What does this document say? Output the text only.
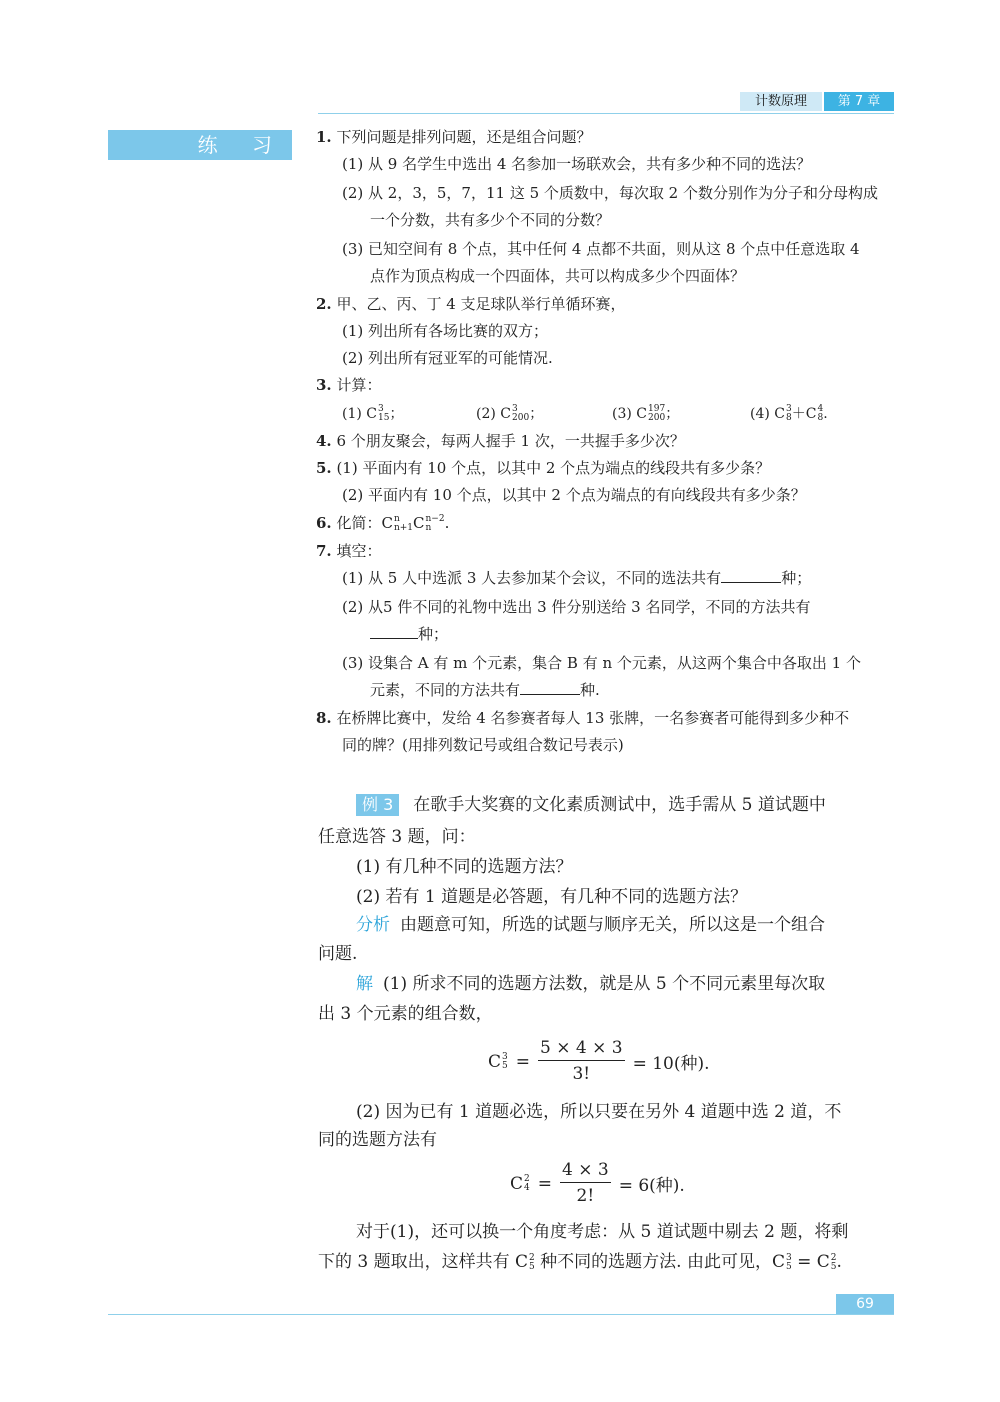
计数原理	第 7 章
练 习	1. 下列问题是排列问题，还是组合问题？
(1) 从 9 名学生中选出 4 名参加一场联欢会，共有多少种不同的选法？
(2) 从 2，3，5，7，11 这 5 个质数中，每次取 2 个数分别作为分子和分母构成
一个分数，共有多少个不同的分数？
(3) 已知空间有 8 个点，其中任何 4 点都不共面，则从这 8 个点中任意选取 4
点作为顶点构成一个四面体，共可以构成多少个四面体？
2. 甲、乙、丙、丁 4 支足球队举行单循环赛，
(1) 列出所有各场比赛的双方；
(2) 列出所有冠亚军的可能情况.
3. 计算：
(1) C 3
15 ；	(2) C 3
200 ；	(3) C 197
200 ；	(4) C 3
8 ＋C 4
8 .
4. 6 个朋友聚会，每两人握手 1 次，一共握手多少次？
5. (1) 平面内有 10 个点，以其中 2 个点为端点的线段共有多少条？
(2) 平面内有 10 个点，以其中 2 个点为端点的有向线段共有多少条？
6. 化简：C n
n+1 C n−2
n .
7. 填空：
(1) 从 5 人中选派 3 人去参加某个会议，不同的选法共有	种；
(2) 从5 件不同的礼物中选出 3 件分别送给 3 名同学，不同的方法共有
种；
(3) 设集合 A 有 m 个元素，集合 B 有 n 个元素，从这两个集合中各取出 1 个
元素，不同的方法共有	种.
8. 在桥牌比赛中，发给 4 名参赛者每人 13 张牌，一名参赛者可能得到多少种不
同的牌？(用排列数记号或组合数记号表示)
例 3 在歌手大奖赛的文化素质测试中，选手需从 5 道试题中
任意选答 3 题，问：
(1) 有几种不同的选题方法？
(2) 若有 1 道题是必答题，有几种不同的选题方法？
分析 由题意可知，所选的试题与顺序无关，所以这是一个组合
问题.
解 (1) 所求不同的选题方法数，就是从 5 个不同元素里每次取
出 3 个元素的组合数，
C 3
$5 = \frac{5 \times 4 \times 3}{3!} = 10$(种).
(2) 因为已有 1 道题必选，所以只要在另外 4 道题中选 2 道，不
同的选题方法有
C 2
$4 = \frac{4 \times 3}{2!} = 6$(种).
对于(1)，还可以换一个角度考虑：从 5 道试题中剔去 2 题，将剩
下的 3 题取出，这样共有 C 2
5 种不同的选题方法. 由此可见，C 3
5 = C 2
5 .
69
